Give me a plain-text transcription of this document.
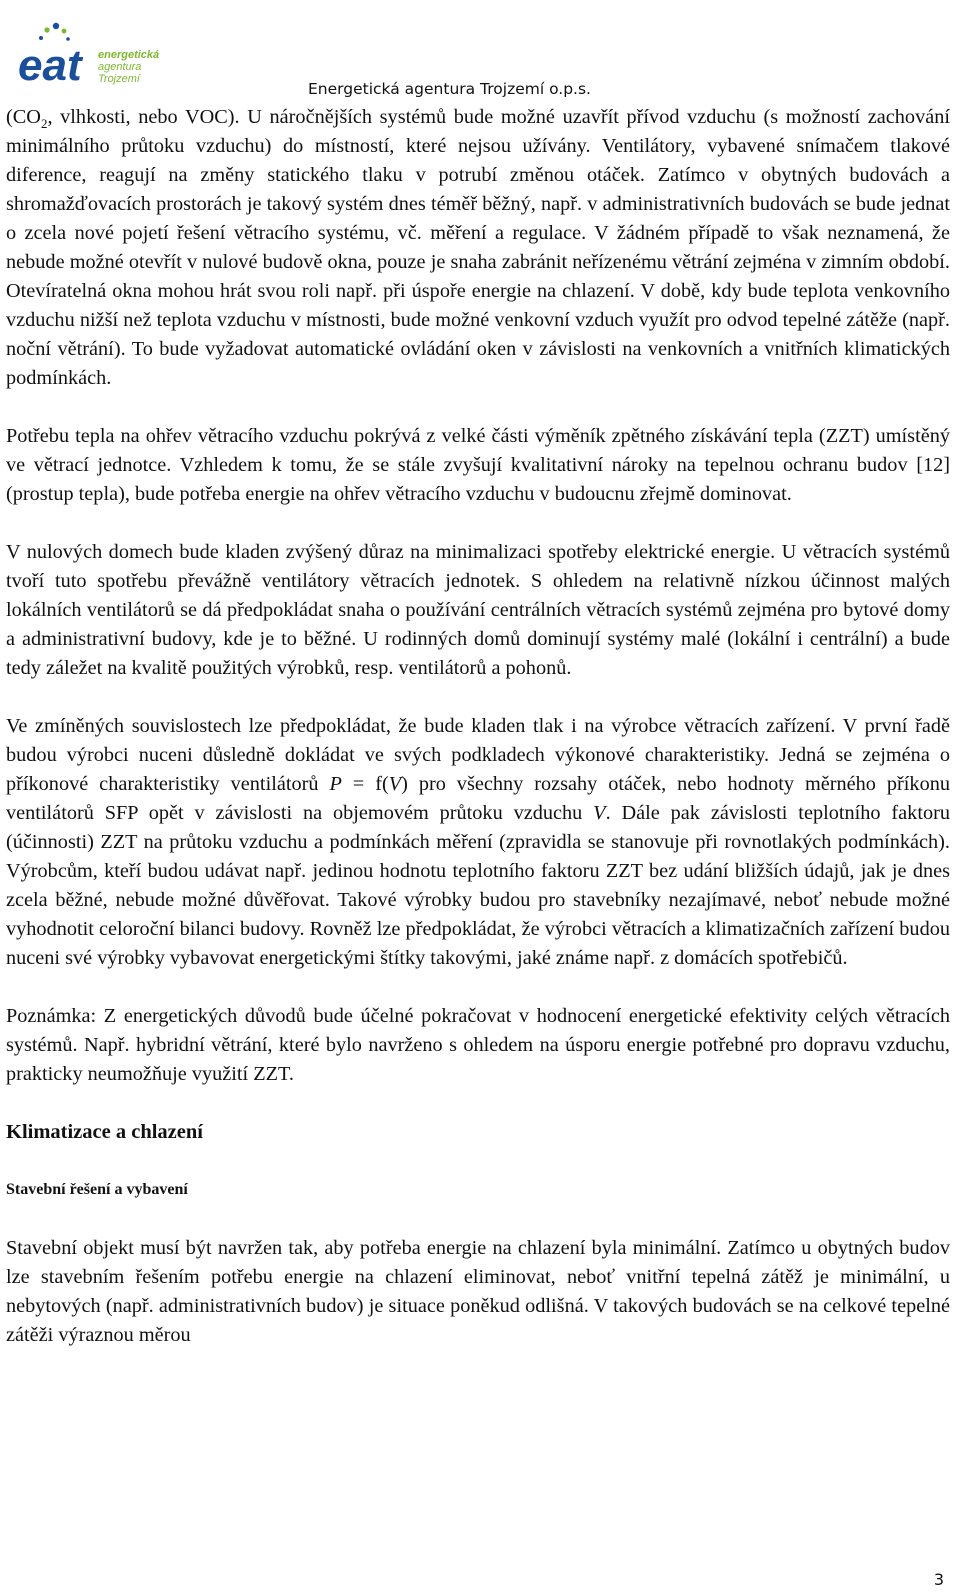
eat energetická
agentura
Trojzemí
Energetická agentura Trojzemí o.p.s.

($CO_2$, vlhkosti, nebo VOC). U náročnějších systémů bude možné uzavřít přívod vzduchu (s možností zachování minimálního průtoku vzduchu) do místností, které nejsou užívány. Ventilátory, vybavené snímačem tlakové diference, reagují na změny statického tlaku v potrubí změnou otáček. Zatímco v obytných budovách a shromažďovacích prostorách je takový systém dnes téměř běžný, např. v administrativních budovách se bude jednat o zcela nové pojetí řešení větracího systému, vč. měření a regulace. V žádném případě to však neznamená, že nebude možné otevřít v nulové budově okna, pouze je snaha zabránit neřízenému větrání zejména v zimním období. Otevíratelná okna mohou hrát svou roli např. při úspoře energie na chlazení. V době, kdy bude teplota venkovního vzduchu nižší než teplota vzduchu v místnosti, bude možné venkovní vzduch využít pro odvod tepelné zátěže (např. noční větrání). To bude vyžadovat automatické ovládání oken v závislosti na venkovních a vnitřních klimatických podmínkách.

Potřebu tepla na ohřev větracího vzduchu pokrývá z velké části výměník zpětného získávání tepla (ZZT) umístěný ve větrací jednotce. Vzhledem k tomu, že se stále zvyšují kvalitativní nároky na tepelnou ochranu budov [12] (prostup tepla), bude potřeba energie na ohřev větracího vzduchu v budoucnu zřejmě dominovat.

V nulových domech bude kladen zvýšený důraz na minimalizaci spotřeby elektrické energie. U větracích systémů tvoří tuto spotřebu převážně ventilátory větracích jednotek. S ohledem na relativně nízkou účinnost malých lokálních ventilátorů se dá předpokládat snaha o používání centrálních větracích systémů zejména pro bytové domy a administrativní budovy, kde je to běžné. U rodinných domů dominují systémy malé (lokální i centrální) a bude tedy záležet na kvalitě použitých výrobků, resp. ventilátorů a pohonů.

Ve zmíněných souvislostech lze předpokládat, že bude kladen tlak i na výrobce větracích zařízení. V první řadě budou výrobci nuceni důsledně dokládat ve svých podkladech výkonové charakteristiky. Jedná se zejména o příkonové charakteristiky ventilátorů P = f(V) pro všechny rozsahy otáček, nebo hodnoty měrného příkonu ventilátorů SFP opět v závislosti na objemovém průtoku vzduchu V. Dále pak závislosti teplotního faktoru (účinnosti) ZZT na průtoku vzduchu a podmínkách měření (zpravidla se stanovuje při rovnotlakých podmínkách). Výrobcům, kteří budou udávat např. jedinou hodnotu teplotního faktoru ZZT bez udání bližších údajů, jak je dnes zcela běžné, nebude možné důvěřovat. Takové výrobky budou pro stavebníky nezajímavé, neboť nebude možné vyhodnotit celoroční bilanci budovy. Rovněž lze předpokládat, že výrobci větracích a klimatizačních zařízení budou nuceni své výrobky vybavovat energetickými štítky takovými, jaké známe např. z domácích spotřebičů.

Poznámka: Z energetických důvodů bude účelné pokračovat v hodnocení energetické efektivity celých větracích systémů. Např. hybridní větrání, které bylo navrženo s ohledem na úsporu energie potřebné pro dopravu vzduchu, prakticky neumožňuje využití ZZT.

Klimatizace a chlazení
Stavební řešení a vybavení

Stavební objekt musí být navržen tak, aby potřeba energie na chlazení byla minimální. Zatímco u obytných budov lze stavebním řešením potřebu energie na chlazení eliminovat, neboť vnitřní tepelná zátěž je minimální, u nebytových (např. administrativních budov) je situace poněkud odlišná. V takových budovách se na celkové tepelné zátěži výraznou měrou

3
